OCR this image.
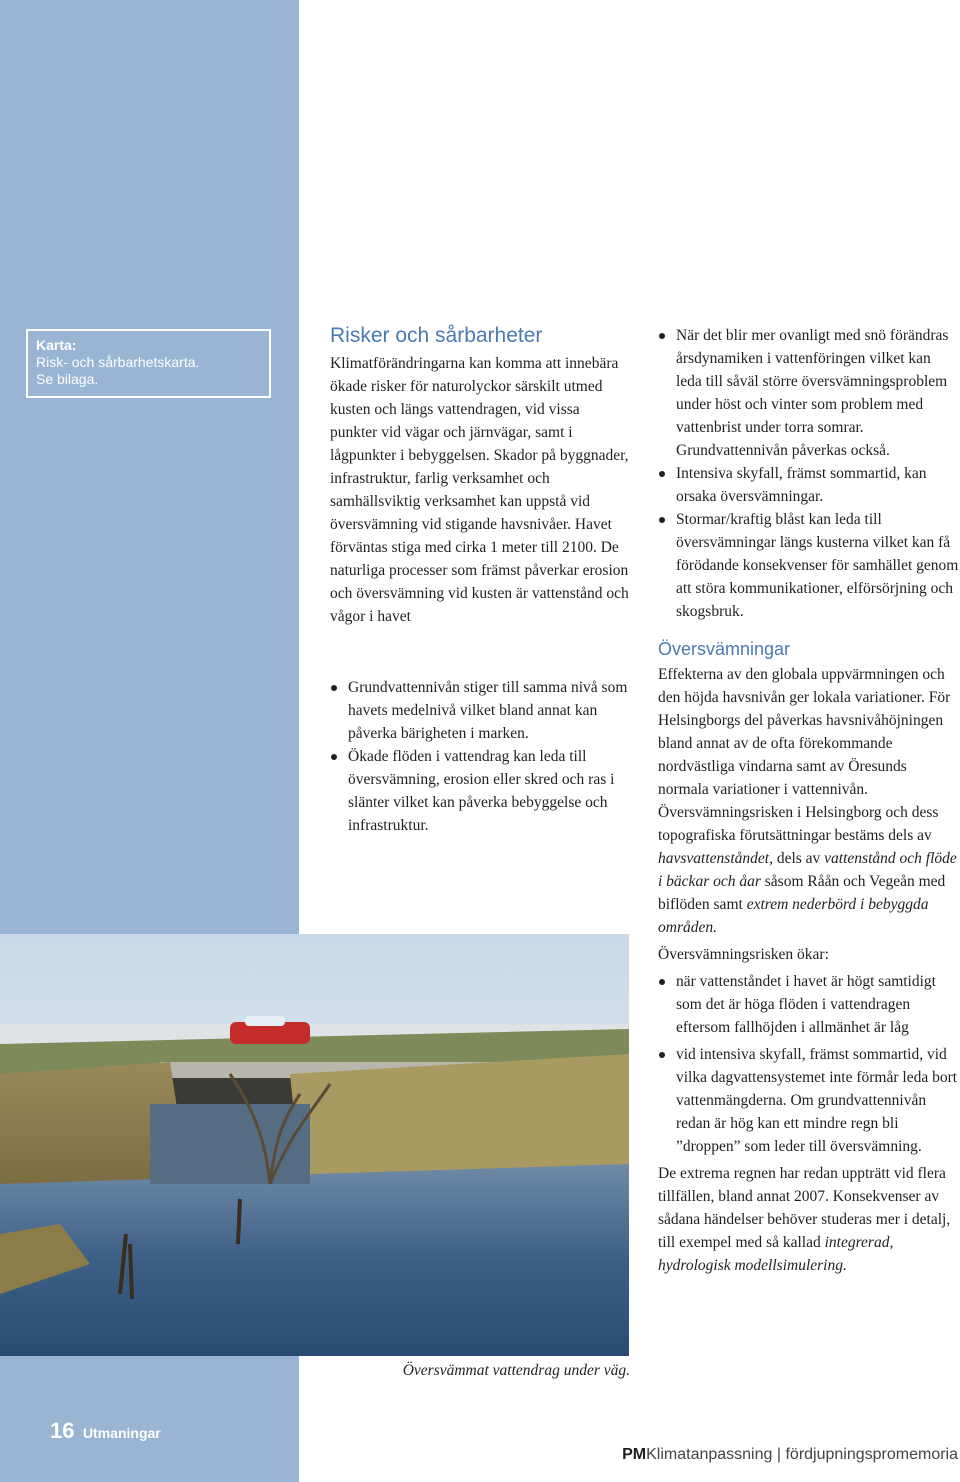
Karta:
Risk- och sårbarhetskarta.
Se bilaga.
Risker och sårbarheter

Klimatförändringarna kan komma att innebära ökade risker för naturolyckor särskilt utmed kusten och längs vattendragen, vid vissa punkter vid vägar och järnvägar, samt i lågpunkter i bebyggelsen. Skador på byggnader, infrastruktur, farlig verksamhet och samhällsviktig verksamhet kan uppstå vid översvämning vid stigande havsnivåer. Havet förväntas stiga med cirka 1 meter till 2100. De naturliga processer som främst påverkar erosion och översvämning vid kusten är vattenstånd och vågor i havet

Grundvattennivån stiger till samma nivå som havets medelnivå vilket bland annat kan påverka bärigheten i marken.
Ökade flöden i vattendrag kan leda till översvämning, erosion eller skred och ras i slänter vilket kan påverka bebyggelse och infrastruktur.
När det blir mer ovanligt med snö förändras årsdynamiken i vattenföringen vilket kan leda till såväl större översvämningsproblem under höst och vinter som problem med vattenbrist under torra somrar. Grundvattennivån påverkas också.
Intensiva skyfall, främst sommartid, kan orsaka översvämningar.
Stormar/kraftig blåst kan leda till översvämningar längs kusterna vilket kan få förödande konsekvenser för samhället genom att störa kommunikationer, elförsörjning och skogsbruk.
Översvämningar

Effekterna av den globala uppvärmningen och den höjda havsnivån ger lokala variationer. För Helsingborgs del påverkas havsnivåhöjningen bland annat av de ofta förekommande nordvästliga vindarna samt av Öresunds normala variationer i vattennivån.

Översvämningsrisken i Helsingborg och dess topografiska förutsättningar bestäms dels av havsvattenståndet, dels av vattenstånd och flöde i bäckar och åar såsom Råån och Vegeån med biflöden samt extrem nederbörd i bebyggda områden.

Översvämningsrisken ökar:

när vattenståndet i havet är högt samtidigt som det är höga flöden i vattendragen eftersom fallhöjden i allmänhet är låg
vid intensiva skyfall, främst sommartid, vid vilka dagvattensystemet inte förmår leda bort vattenmängderna. Om grundvattennivån redan är hög kan ett mindre regn bli ”droppen” som leder till översvämning.

De extrema regnen har redan uppträtt vid flera tillfällen, bland annat 2007. Konsekvenser av sådana händelser behöver studeras mer i detalj, till exempel med så kallad integrerad, hydrologisk modellsimulering.

Översvämmat vattendrag under väg.
16 Utmaningar
PMKlimatanpassning | fördjupningspromemoria
